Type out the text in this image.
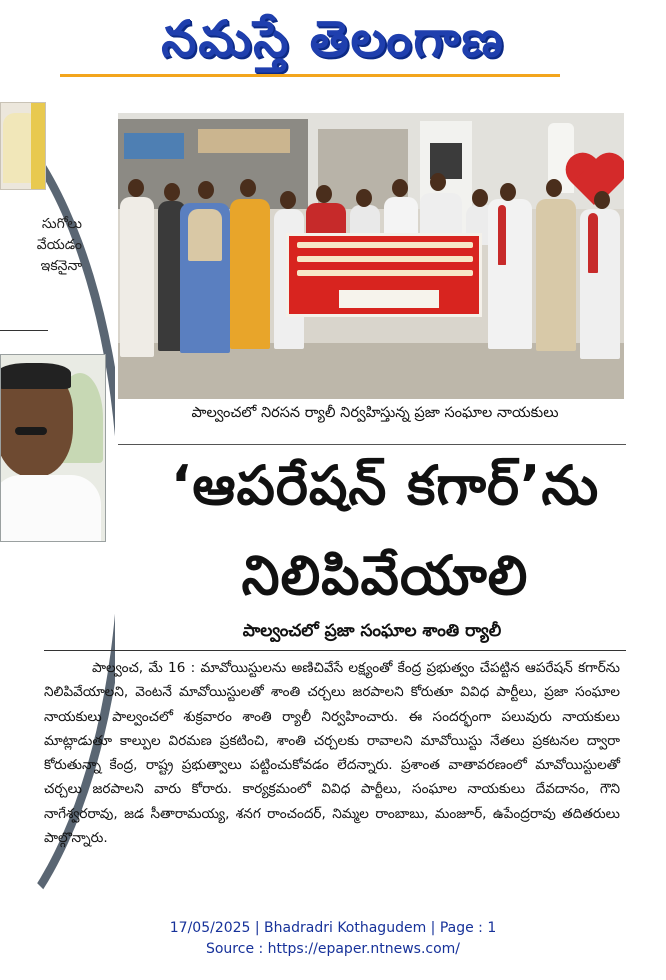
నమస్తే తెలంగాణ
సుగోలు
వేయడం
ఇకనైనా
పాల్వంచలో నిరసన ర్యాలీ నిర్వహిస్తున్న ప్రజా సంఘాల నాయకులు
‘ఆపరేషన్ కగార్’ను
నిలిపివేయాలి
పాల్వంచలో ప్రజా సంఘాల శాంతి ర్యాలీ
పాల్వంచ, మే 16 : మావోయిస్టులను అణిచివేసే లక్ష్యంతో కేంద్ర ప్రభుత్వం చేపట్టిన ఆపరేషన్ కగార్‌ను నిలిపివేయాలని, వెంటనే మావోయిస్టులతో శాంతి చర్చలు జరపాలని కోరుతూ వివిధ పార్టీలు, ప్రజా సంఘాల నాయకులు పాల్వంచలో శుక్రవారం శాంతి ర్యాలీ నిర్వహించారు. ఈ సందర్భంగా పలువురు నాయకులు మాట్లాడుతూ కాల్పుల విరమణ ప్రకటించి, శాంతి చర్చలకు రావాలని మావోయిస్టు నేతలు ప్రకటనల ద్వారా కోరుతున్నా కేంద్ర, రాష్ట్ర ప్రభుత్వాలు పట్టించుకోవడం లేదన్నారు. ప్రశాంత వాతావరణంలో మావోయిస్టులతో చర్చలు జరపాలని వారు కోరారు. కార్యక్రమంలో వివిధ పార్టీలు, సంఘాల నాయకులు దేవదానం, గౌని నాగేశ్వరరావు, జడ సీతారామయ్య, శనగ రాంచందర్, నిమ్మల రాంబాబు, మంజూర్, ఉపేంద్రరావు తదితరులు పాల్గొన్నారు.
17/05/2025 | Bhadradri Kothagudem | Page : 1
Source : https://epaper.ntnews.com/
